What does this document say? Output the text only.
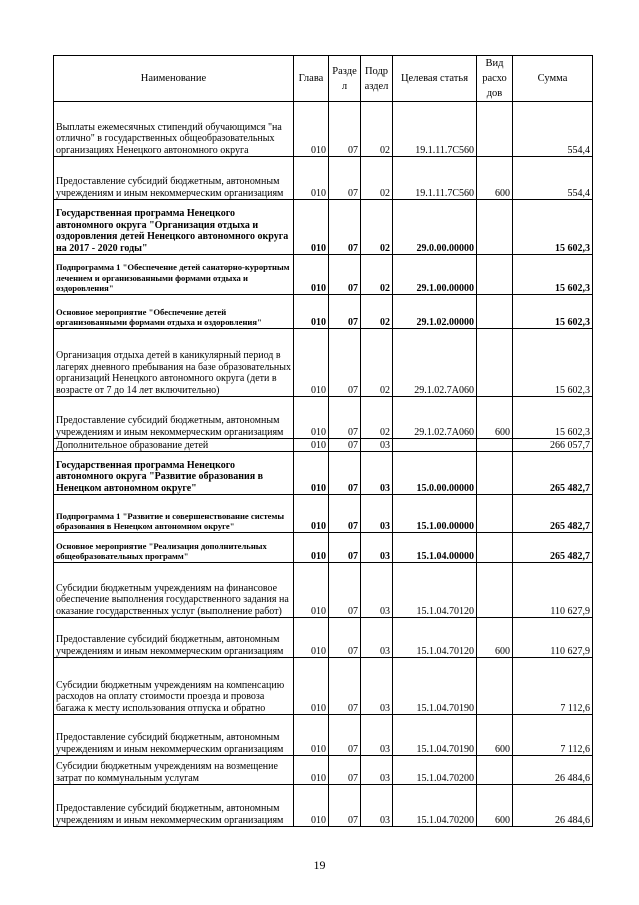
Наименование	Глава	Разде л	Подр аздел	Целевая статья	Вид расхо дов	Сумма
Выплаты ежемесячных стипендий обучающимся "на отлично" в государственных общеобразовательных организациях Ненецкого автономного округа	010	07	02	19.1.11.7С560		554,4
Предоставление субсидий бюджетным, автономным учреждениям и иным некоммерческим организациям	010	07	02	19.1.11.7С560	600	554,4
Государственная программа Ненецкого автономного округа "Организация отдыха и оздоровления детей Ненецкого автономного округа на 2017 - 2020 годы"	010	07	02	29.0.00.00000		15 602,3
Подпрограмма 1 "Обеспечение детей санаторно-курортным лечением и организованными формами отдыха и оздоровления"	010	07	02	29.1.00.00000		15 602,3
Основное мероприятие "Обеспечение детей организованными формами отдыха и оздоровления"	010	07	02	29.1.02.00000		15 602,3
Организация отдыха детей в каникулярный период в лагерях дневного пребывания на базе образовательных организаций Ненецкого автономного округа (дети в возрасте от 7 до 14 лет включительно)	010	07	02	29.1.02.7А060		15 602,3
Предоставление субсидий бюджетным, автономным учреждениям и иным некоммерческим организациям	010	07	02	29.1.02.7А060	600	15 602,3
Дополнительное образование детей	010	07	03			266 057,7
Государственная программа Ненецкого автономного округа "Развитие образования в Ненецком автономном округе"	010	07	03	15.0.00.00000		265 482,7
Подпрограмма 1 "Развитие и совершенствование системы образования в Ненецком автономном округе"	010	07	03	15.1.00.00000		265 482,7
Основное мероприятие "Реализация дополнительных общеобразовательных программ"	010	07	03	15.1.04.00000		265 482,7
Субсидии бюджетным учреждениям на финансовое обеспечение выполнения государственного задания на оказание государственных услуг (выполнение работ)	010	07	03	15.1.04.70120		110 627,9
Предоставление субсидий бюджетным, автономным учреждениям и иным некоммерческим организациям	010	07	03	15.1.04.70120	600	110 627,9
Субсидии бюджетным учреждениям на компенсацию расходов на оплату стоимости проезда и провоза багажа к месту использования отпуска и обратно	010	07	03	15.1.04.70190		7 112,6
Предоставление субсидий бюджетным, автономным учреждениям и иным некоммерческим организациям	010	07	03	15.1.04.70190	600	7 112,6
Субсидии бюджетным учреждениям на возмещение затрат по коммунальным услугам	010	07	03	15.1.04.70200		26 484,6
Предоставление субсидий бюджетным, автономным учреждениям и иным некоммерческим организациям	010	07	03	15.1.04.70200	600	26 484,6
19
